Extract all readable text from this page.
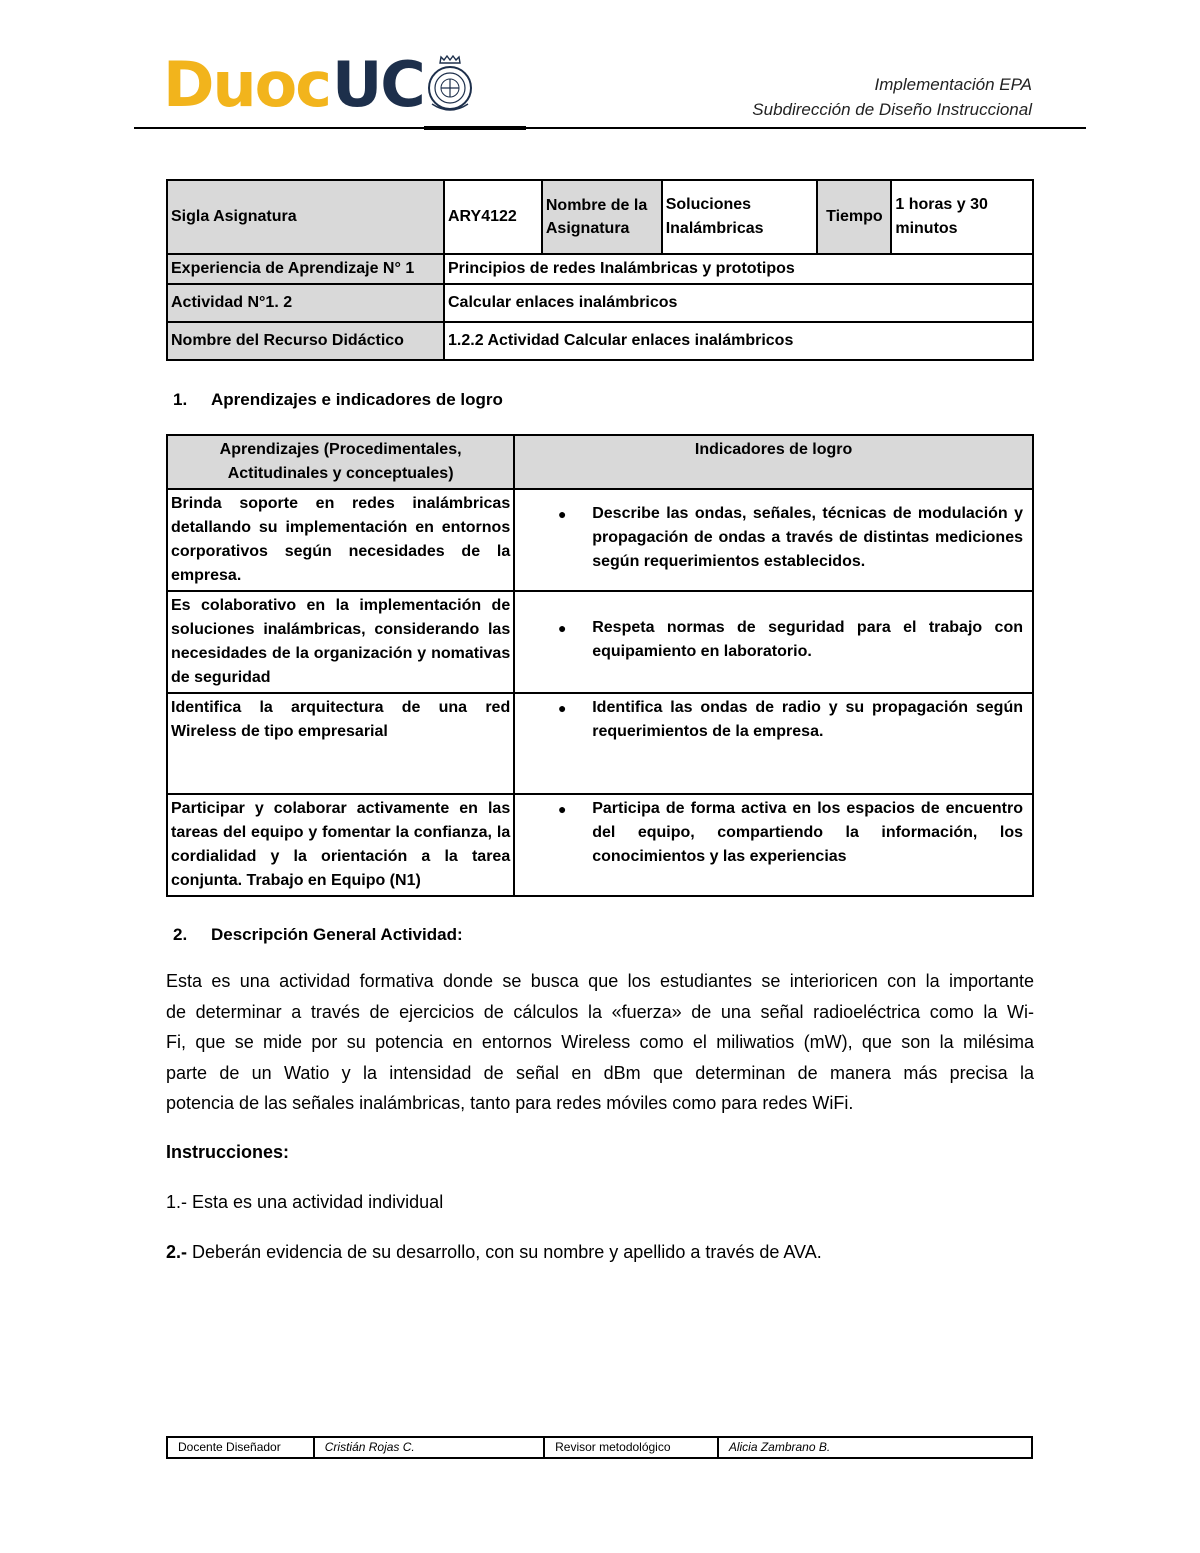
Duoc UC	Implementación EPA
Subdirección de Diseño Instruccional
Sigla Asignatura	ARY4122	Nombre de la Asignatura	Soluciones Inalámbricas	Tiempo	1 horas y 30 minutos
Experiencia de Aprendizaje N° 1	Principios de redes Inalámbricas y prototipos				
Actividad N°1. 2	Calcular enlaces inalámbricos				
Nombre del Recurso Didáctico	1.2.2 Actividad Calcular enlaces inalámbricos				
1. Aprendizajes e indicadores de logro
Aprendizajes (Procedimentales, Actitudinales y conceptuales)	Indicadores de logro
Brinda soporte en redes inalámbricas detallando su implementación en entornos corporativos según necesidades de la empresa.	● Describe las ondas, señales, técnicas de modulación y propagación de ondas a través de distintas mediciones según requerimientos establecidos.

Es colaborativo en la implementación de soluciones inalámbricas, considerando las necesidades de la organización y nomativas de seguridad	● Respeta normas de seguridad para el trabajo con equipamiento en laboratorio.

Identifica la arquitectura de una red Wireless de tipo empresarial	● Identifica las ondas de radio y su propagación según requerimientos de la empresa.

Participar y colaborar activamente en las tareas del equipo y fomentar la confianza, la cordialidad y la orientación a la tarea conjunta. Trabajo en Equipo (N1)	● Participa de forma activa en los espacios de encuentro del equipo, compartiendo la información, los conocimientos y las experiencias
2. Descripción General Actividad:
Esta es una actividad formativa donde se busca que los estudiantes se interioricen con la importante
de determinar a través de ejercicios de cálculos la «fuerza» de una señal radioeléctrica como la Wi-
Fi, que se mide por su potencia en entornos Wireless como el miliwatios (mW), que son la milésima
parte de un Watio y la intensidad de señal en dBm que determinan de manera más precisa la
potencia de las señales inalámbricas, tanto para redes móviles como para redes WiFi.
Instrucciones:
1.- Esta es una actividad individual
2.- Deberán evidencia de su desarrollo, con su nombre y apellido a través de AVA.
Docente Diseñador	Cristián Rojas C.	Revisor metodológico	Alicia Zambrano B.
